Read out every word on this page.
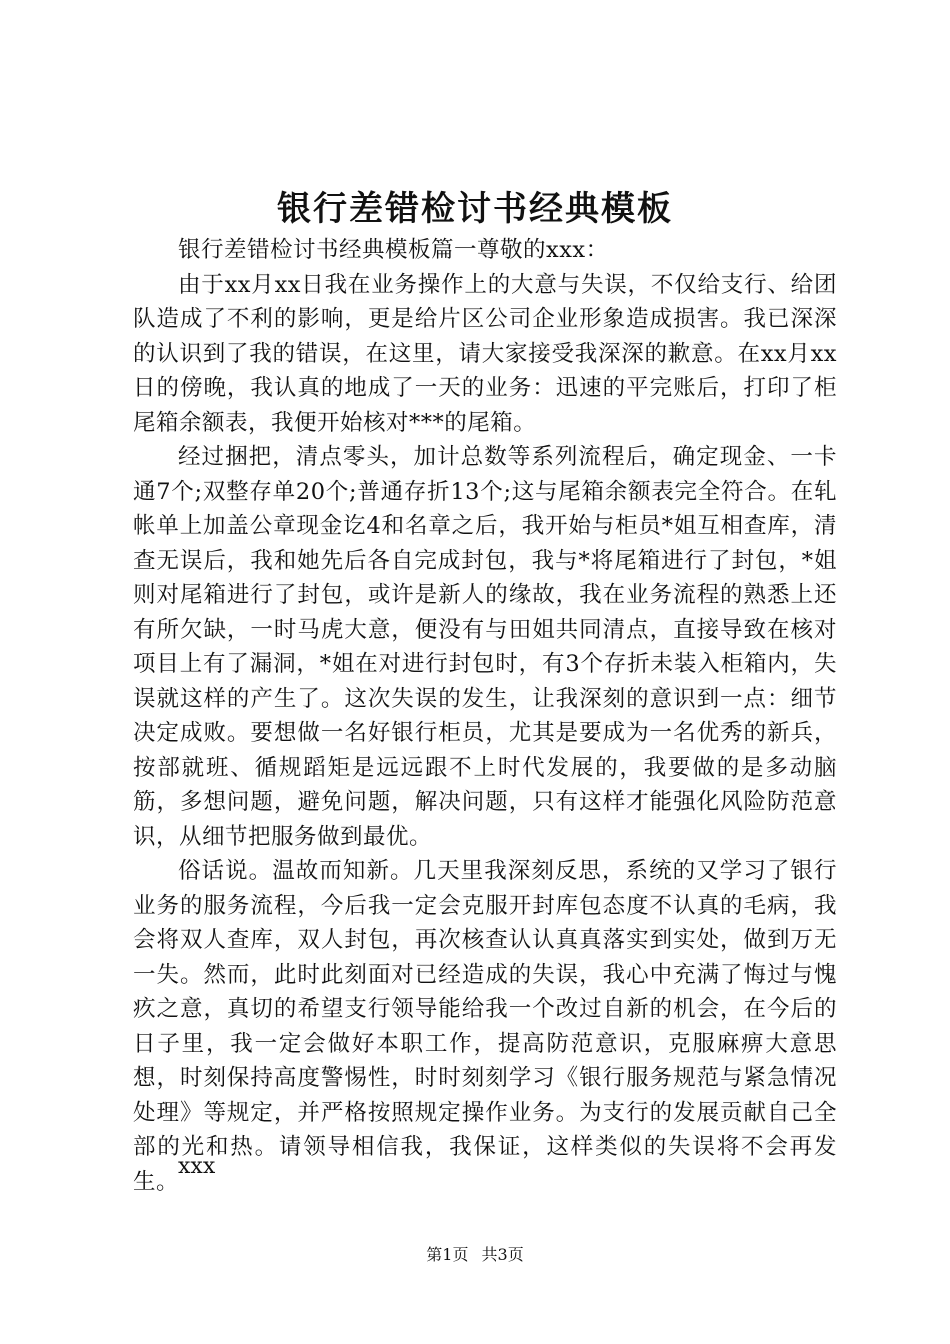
银行差错检讨书经典模板

银行差错检讨书经典模板篇一尊敬的xxx：

由于xx月xx日我在业务操作上的大意与失误，不仅给支行、给团队造成了不利的影响，更是给片区公司企业形象造成损害。我已深深的认识到了我的错误，在这里，请大家接受我深深的歉意。在xx月xx日的傍晚，我认真的地成了一天的业务：迅速的平完账后，打印了柜尾箱余额表，我便开始核对***的尾箱。

经过捆把，清点零头，加计总数等系列流程后，确定现金、一卡通7个;双整存单20个;普通存折13个;这与尾箱余额表完全符合。在轧帐单上加盖公章现金讫4和名章之后，我开始与柜员*姐互相查库，清查无误后，我和她先后各自完成封包，我与*将尾箱进行了封包，*姐则对尾箱进行了封包，或许是新人的缘故，我在业务流程的熟悉上还有所欠缺，一时马虎大意，便没有与田姐共同清点，直接导致在核对项目上有了漏洞，*姐在对进行封包时，有3个存折未装入柜箱内，失误就这样的产生了。这次失误的发生，让我深刻的意识到一点：细节决定成败。要想做一名好银行柜员，尤其是要成为一名优秀的新兵，按部就班、循规蹈矩是远远跟不上时代发展的，我要做的是多动脑筋，多想问题，避免问题，解决问题，只有这样才能强化风险防范意识，从细节把服务做到最优。

俗话说。温故而知新。几天里我深刻反思，系统的又学习了银行业务的服务流程，今后我一定会克服开封库包态度不认真的毛病，我会将双人查库，双人封包，再次核查认认真真落实到实处，做到万无一失。然而，此时此刻面对已经造成的失误，我心中充满了悔过与愧疚之意，真切的希望支行领导能给我一个改过自新的机会，在今后的日子里，我一定会做好本职工作，提高防范意识，克服麻痹大意思想，时刻保持高度警惕性，时时刻刻学习《银行服务规范与紧急情况处理》等规定，并严格按照规定操作业务。为支行的发展贡献自己全部的光和热。请领导相信我，我保证，这样类似的失误将不会再发生。

xxx

第1页 共3页
